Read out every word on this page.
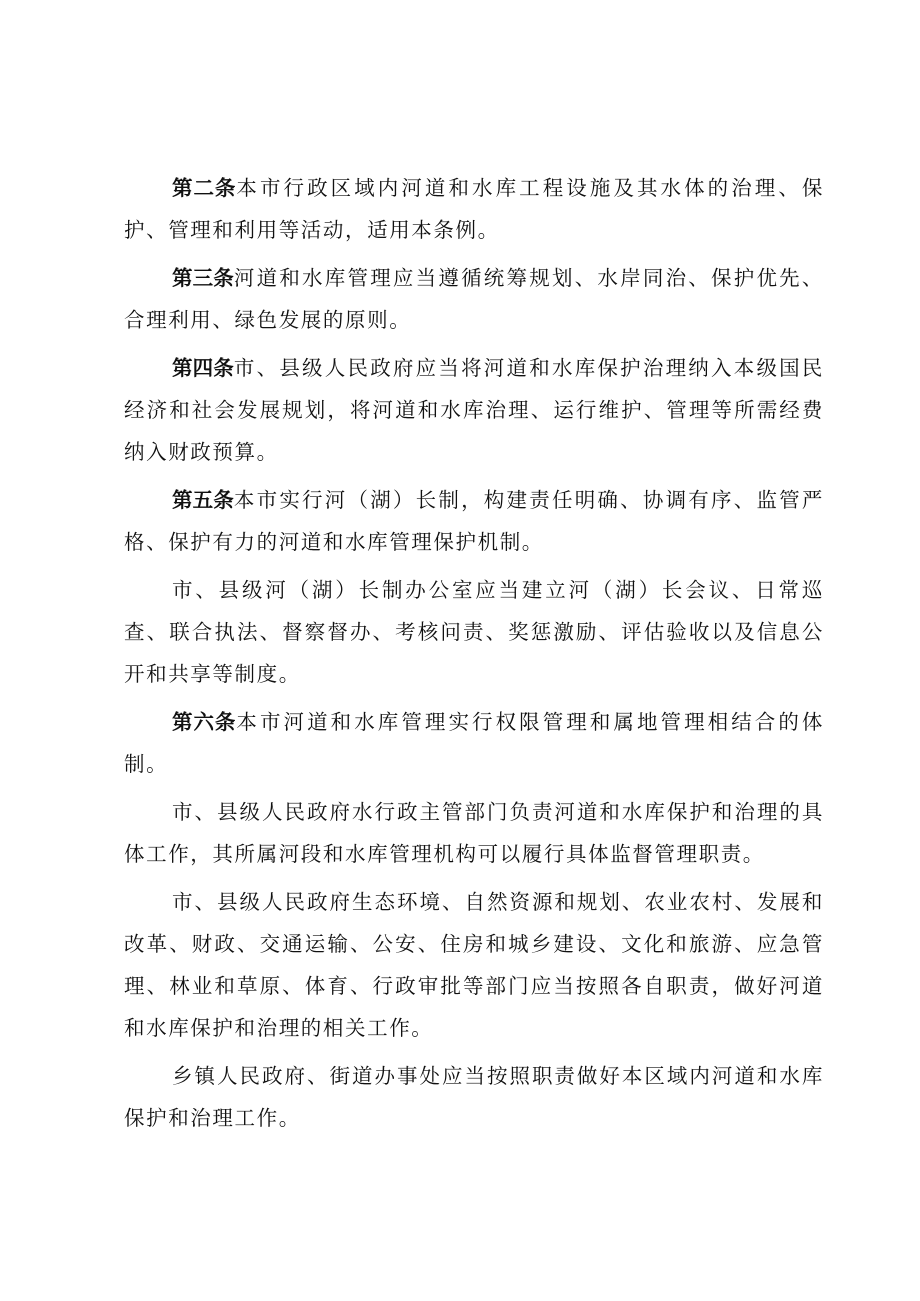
第二条本市行政区域内河道和水库工程设施及其水体的治理、保护、管理和利用等活动，适用本条例。

第三条河道和水库管理应当遵循统筹规划、水岸同治、保护优先、合理利用、绿色发展的原则。

第四条市、县级人民政府应当将河道和水库保护治理纳入本级国民经济和社会发展规划，将河道和水库治理、运行维护、管理等所需经费纳入财政预算。

第五条本市实行河（湖）长制，构建责任明确、协调有序、监管严格、保护有力的河道和水库管理保护机制。

市、县级河（湖）长制办公室应当建立河（湖）长会议、日常巡查、联合执法、督察督办、考核问责、奖惩激励、评估验收以及信息公开和共享等制度。

第六条本市河道和水库管理实行权限管理和属地管理相结合的体制。

市、县级人民政府水行政主管部门负责河道和水库保护和治理的具体工作，其所属河段和水库管理机构可以履行具体监督管理职责。

市、县级人民政府生态环境、自然资源和规划、农业农村、发展和改革、财政、交通运输、公安、住房和城乡建设、文化和旅游、应急管理、林业和草原、体育、行政审批等部门应当按照各自职责，做好河道和水库保护和治理的相关工作。

乡镇人民政府、街道办事处应当按照职责做好本区域内河道和水库保护和治理工作。
